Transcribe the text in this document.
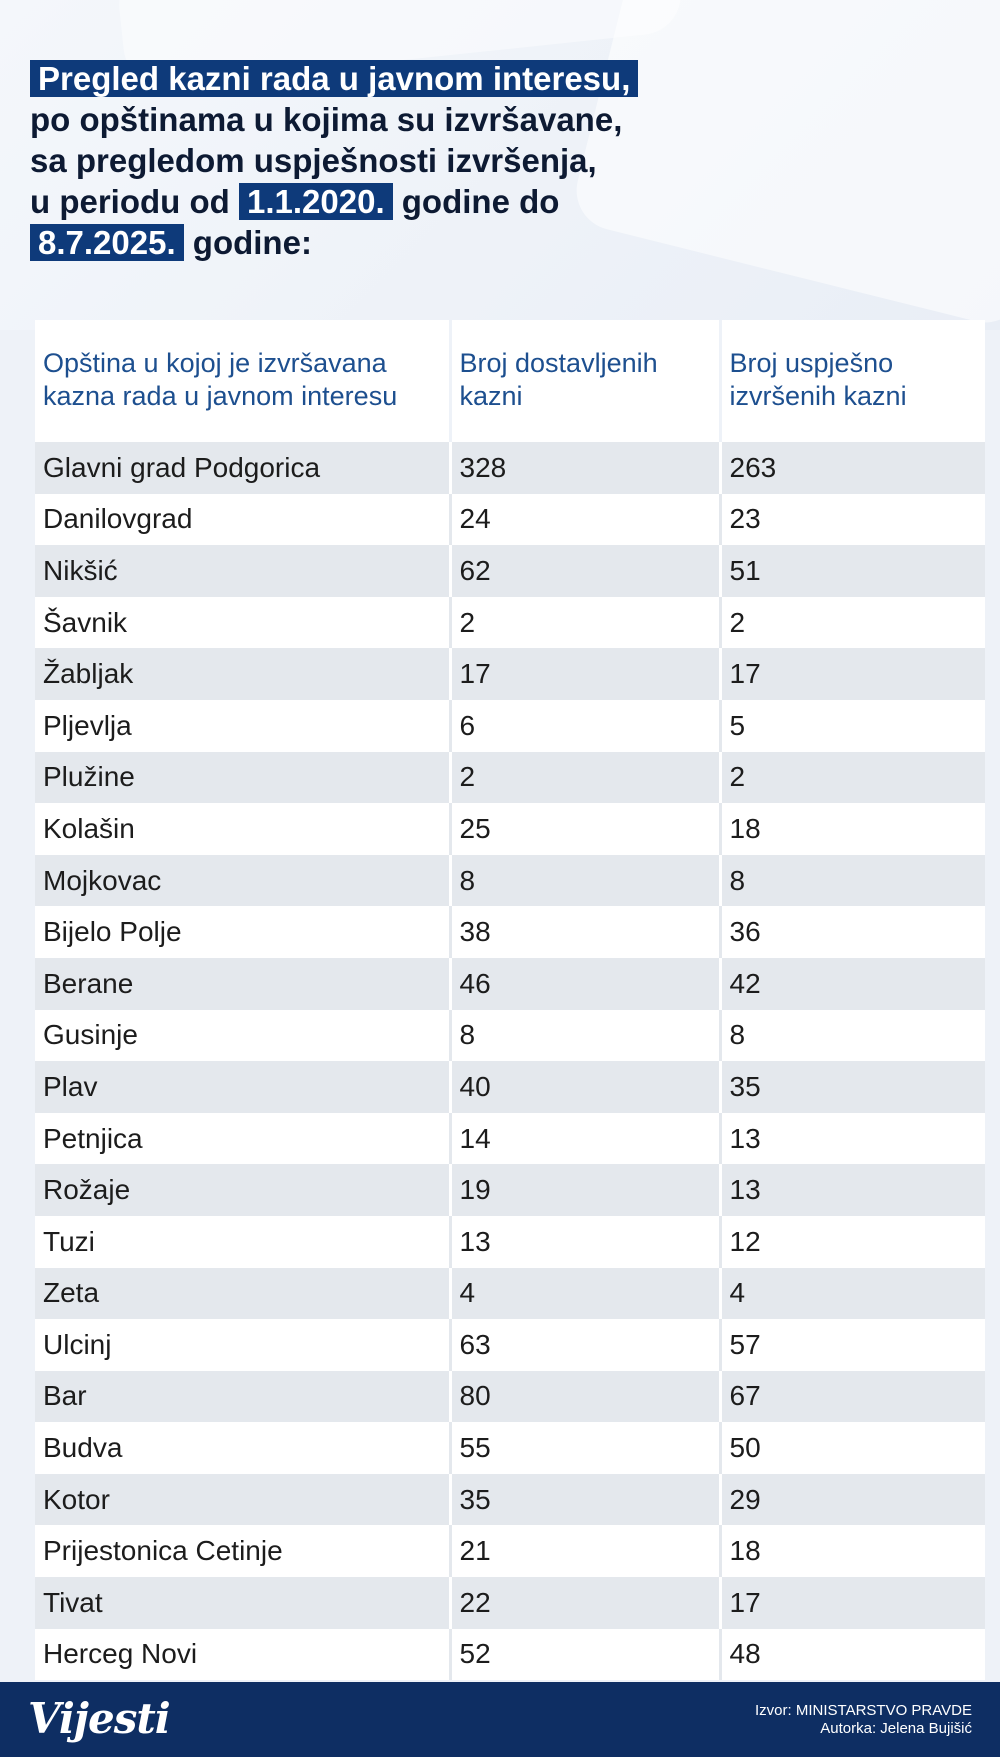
Pregled kazni rada u javnom interesu,
po opštinama u kojima su izvršavane,
sa pregledom uspješnosti izvršenja,
u periodu od 1.1.2020. godine do
8.7.2025. godine:
Opština u kojoj je izvršavana kazna rada u javnom interesu	Broj dostavljenih kazni	Broj uspješno izvršenih kazni
Glavni grad Podgorica	328	263
Danilovgrad	24	23
Nikšić	62	51
Šavnik	2	2
Žabljak	17	17
Pljevlja	6	5
Plužine	2	2
Kolašin	25	18
Mojkovac	8	8
Bijelo Polje	38	36
Berane	46	42
Gusinje	8	8
Plav	40	35
Petnjica	14	13
Rožaje	19	13
Tuzi	13	12
Zeta	4	4
Ulcinj	63	57
Bar	80	67
Budva	55	50
Kotor	35	29
Prijestonica Cetinje	21	18
Tivat	22	17
Herceg Novi	52	48
Vijesti	Izvor: MINISTARSTVO PRAVDE
Autorka: Jelena Bujišić
